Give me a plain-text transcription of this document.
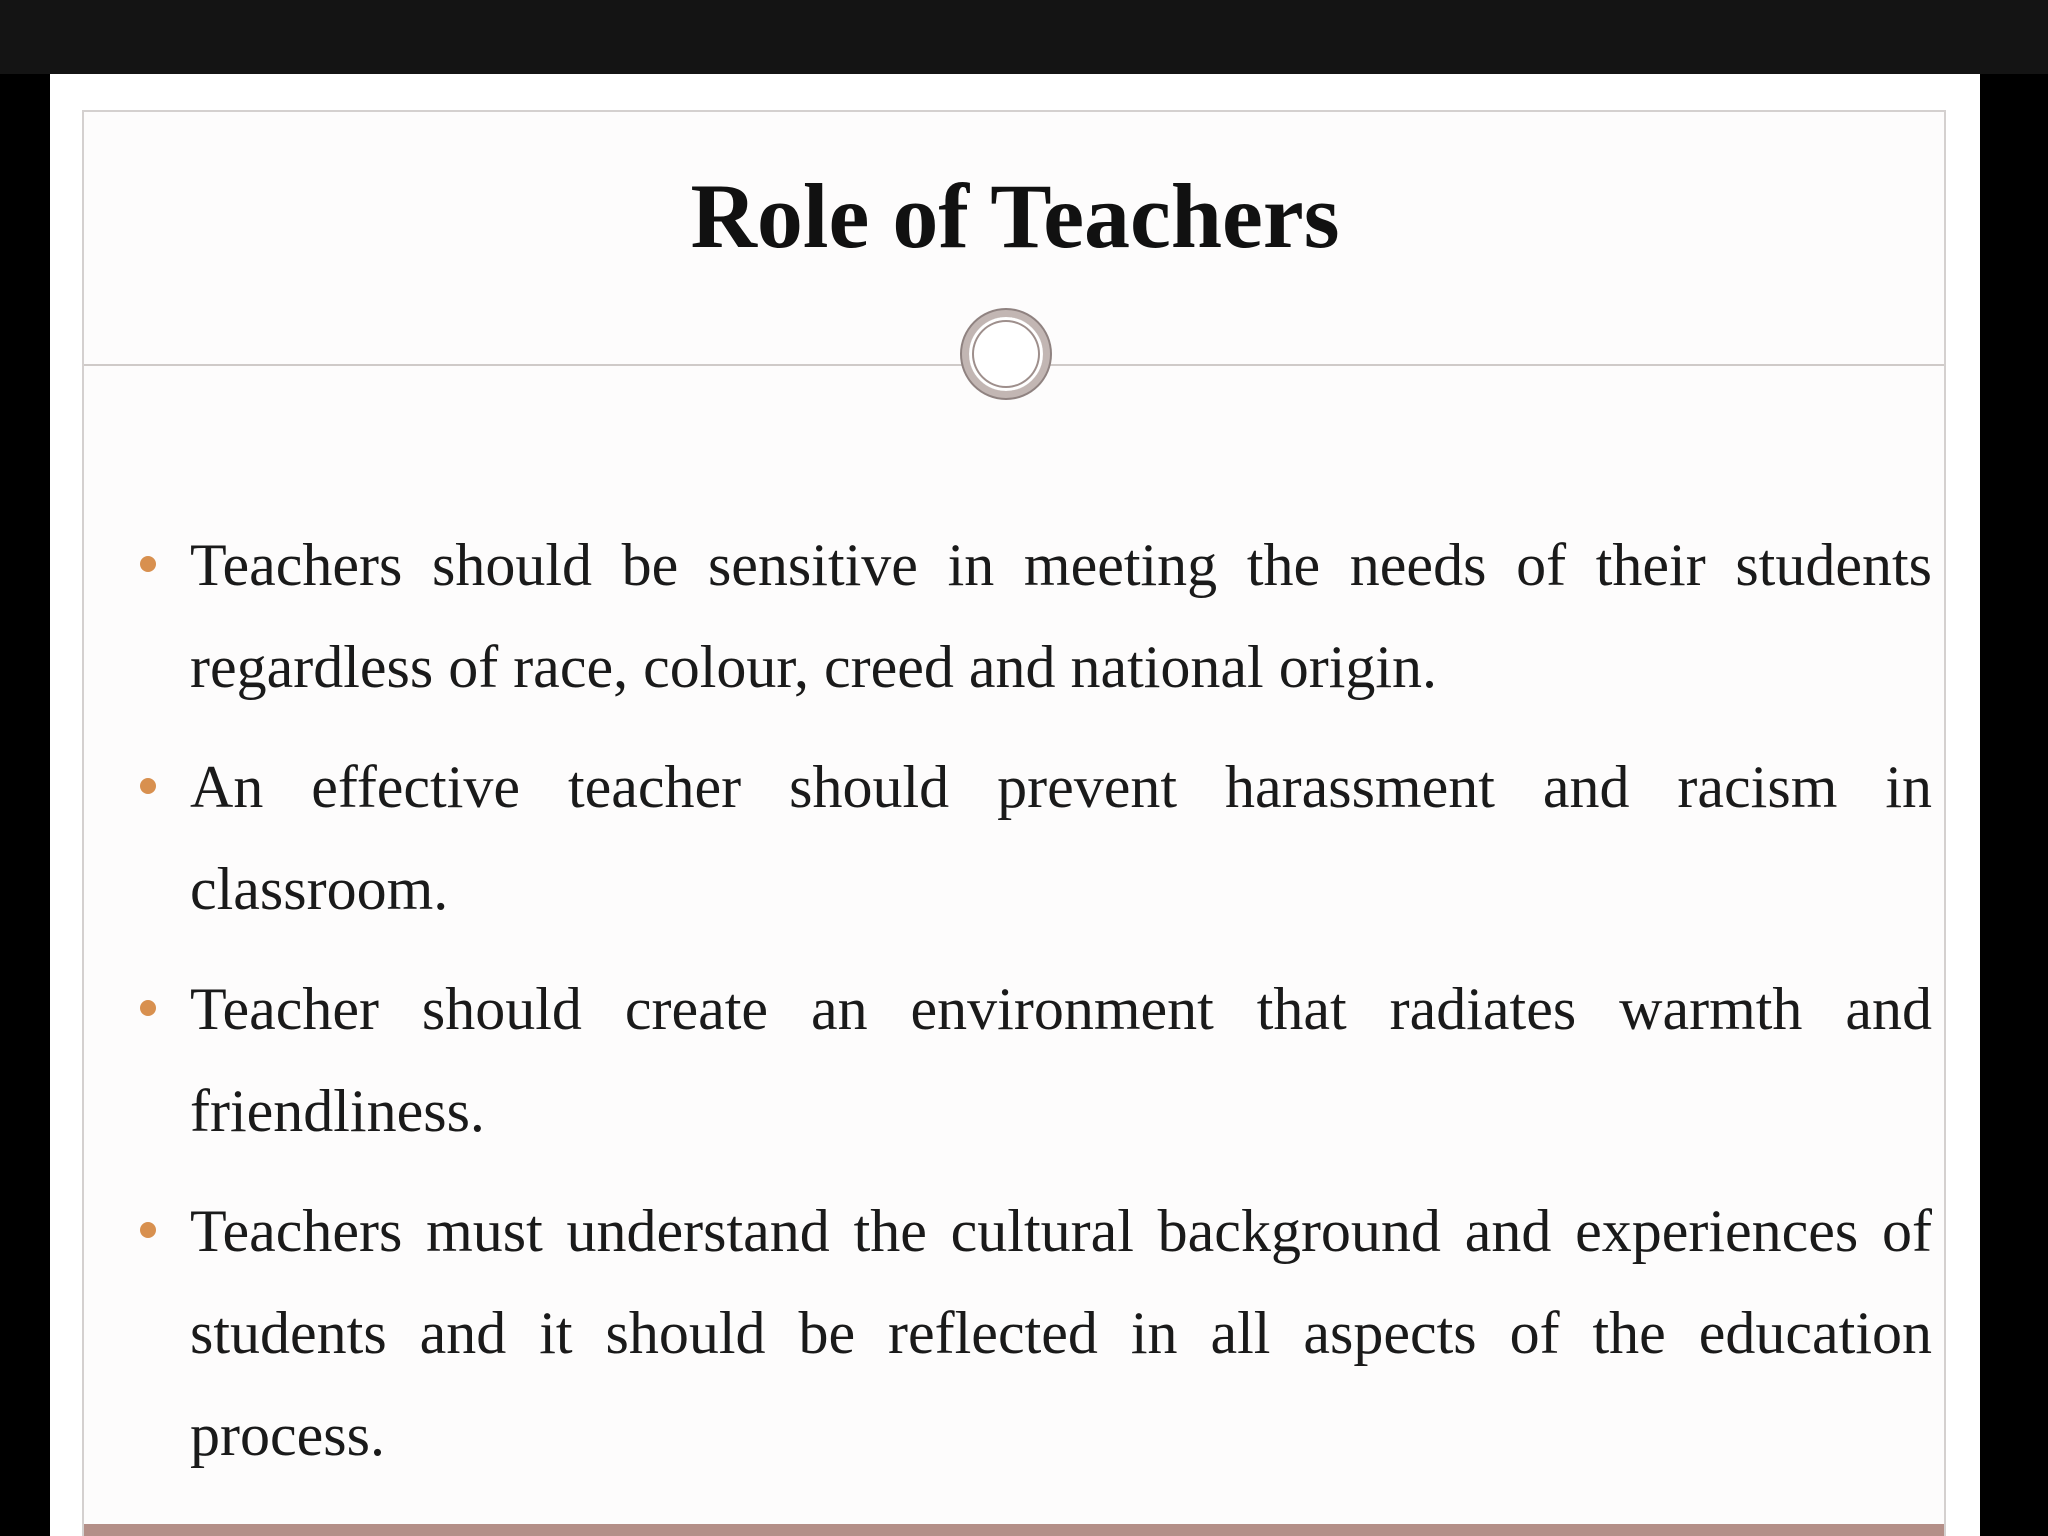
Role of Teachers
Teachers should be sensitive in meeting the needs of their students regardless of race, colour, creed and national origin.
An effective teacher should prevent harassment and racism in classroom.
Teacher should create an environment that radiates warmth and friendliness.
Teachers must understand the cultural background and experiences of students and it should be reflected in all aspects of the education process.
